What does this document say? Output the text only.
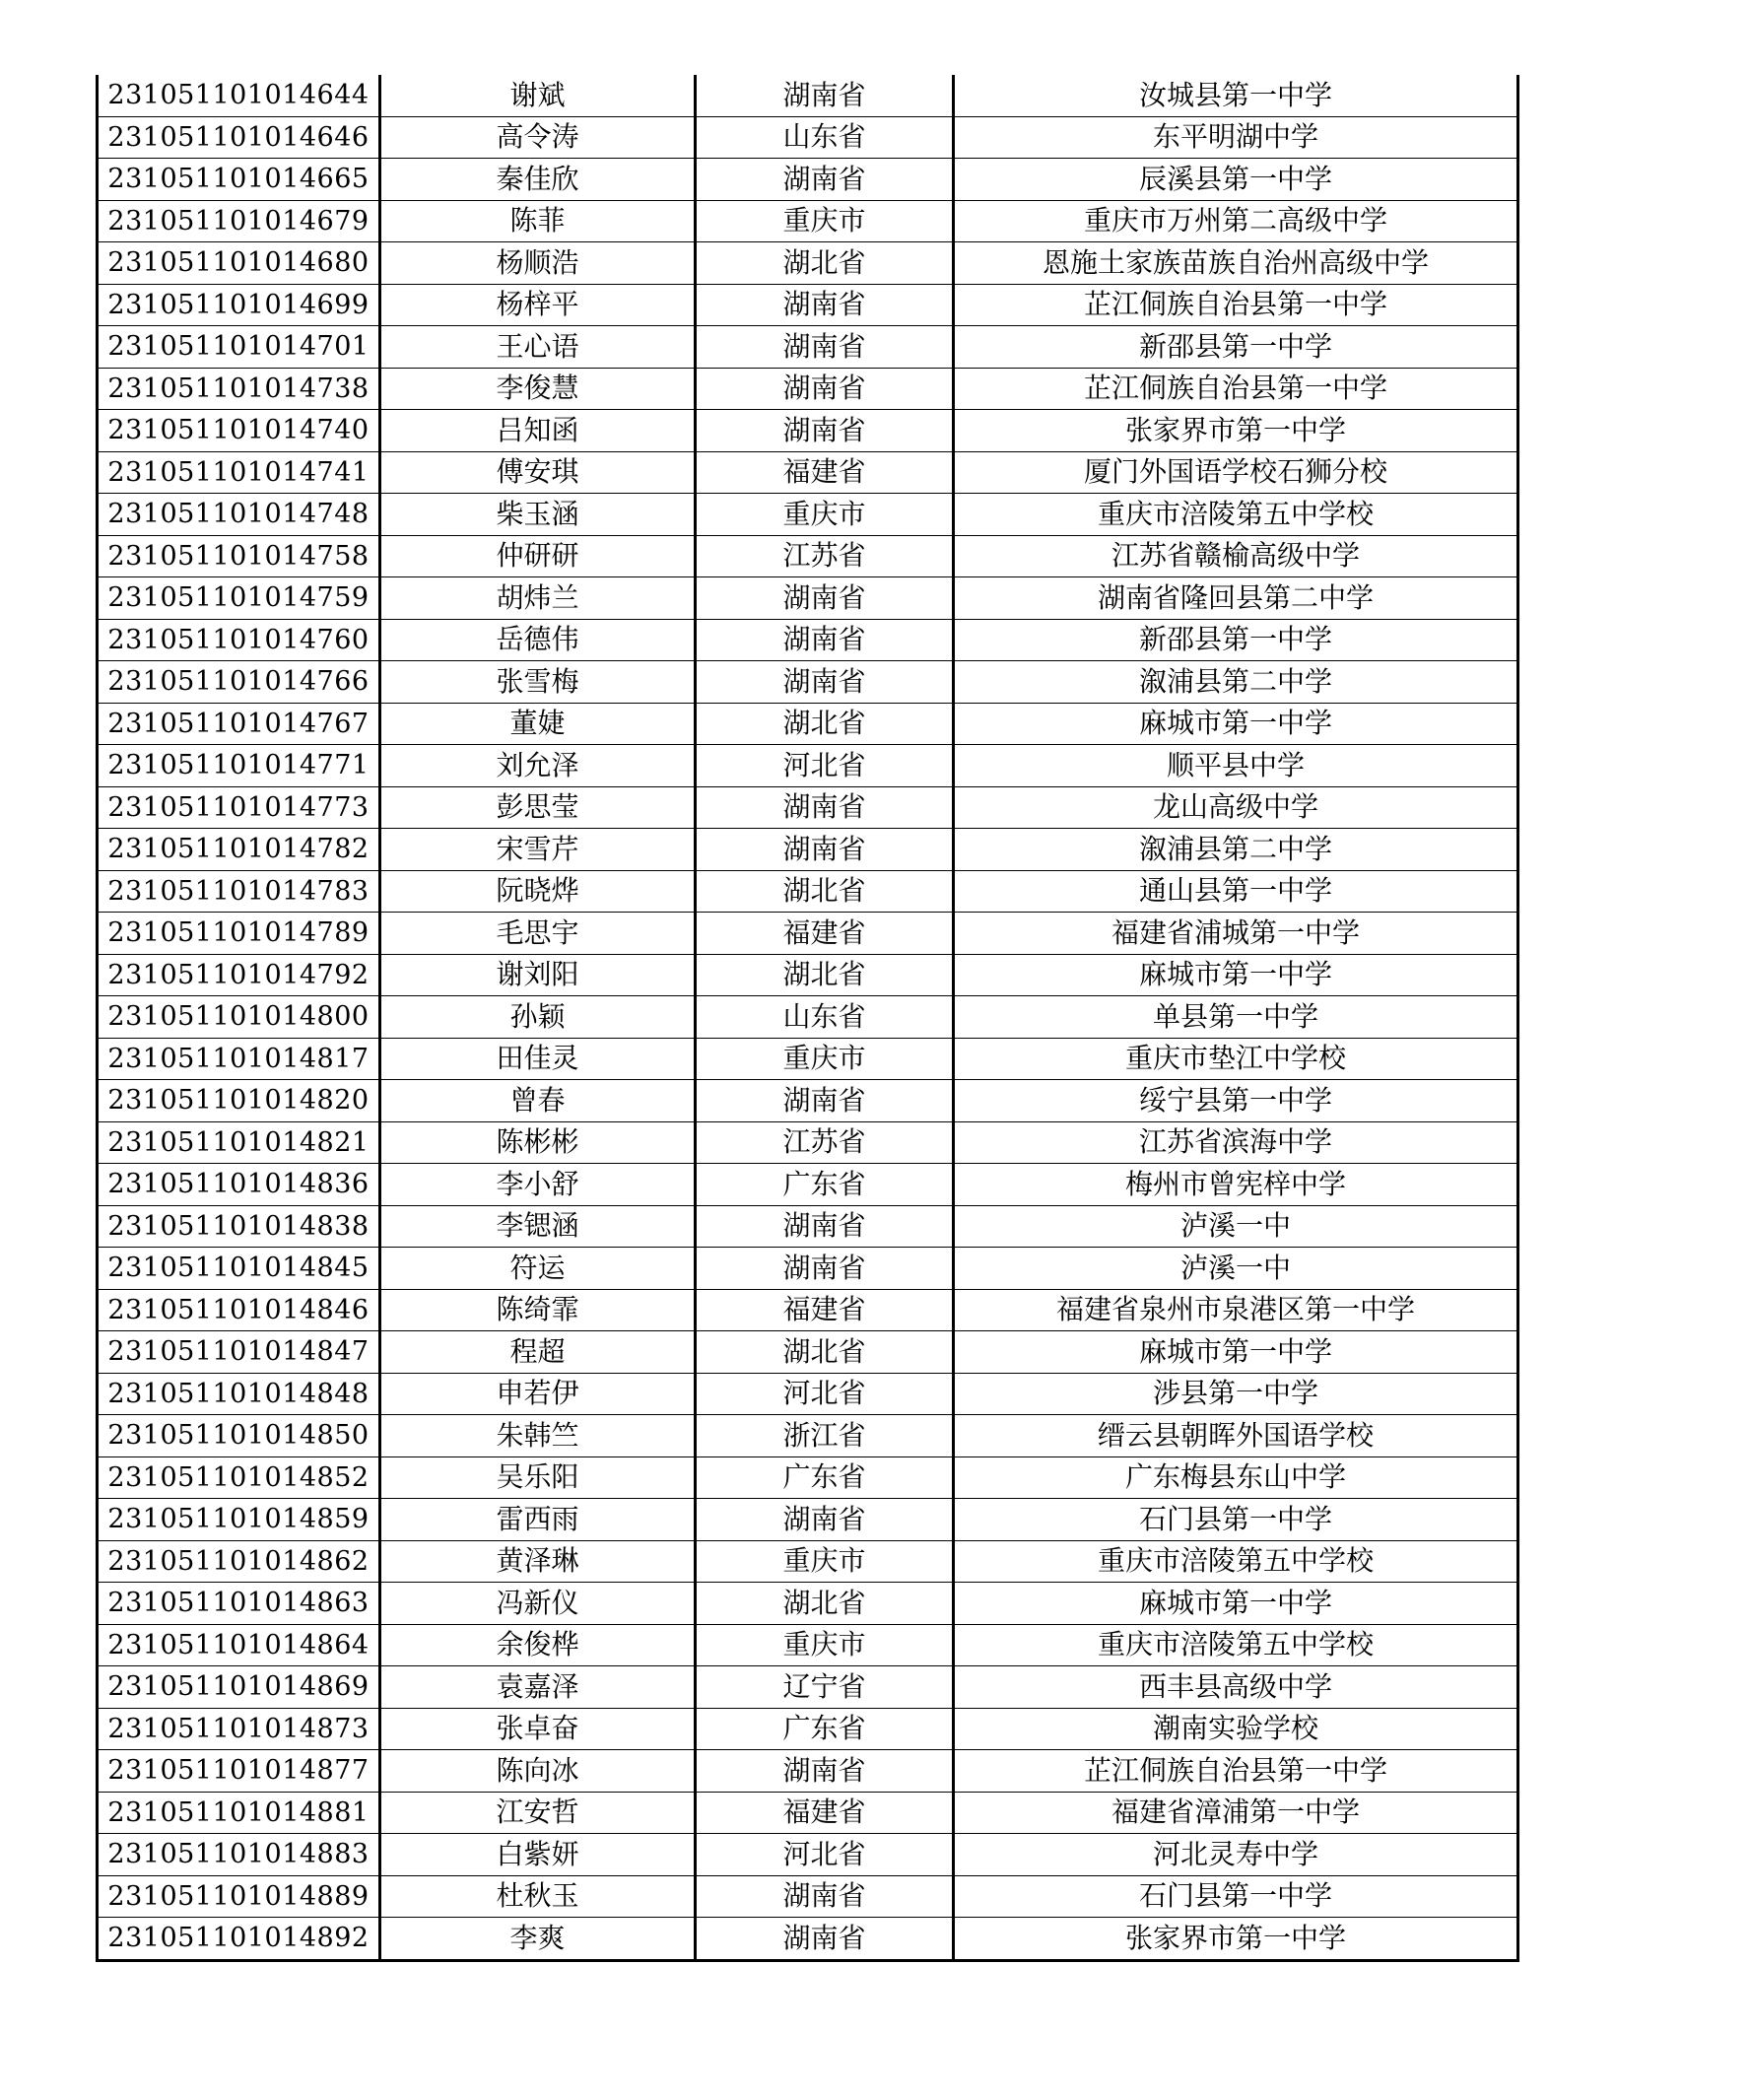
231051101014644	谢斌	湖南省	汝城县第一中学
231051101014646	高令涛	山东省	东平明湖中学
231051101014665	秦佳欣	湖南省	辰溪县第一中学
231051101014679	陈菲	重庆市	重庆市万州第二高级中学
231051101014680	杨顺浩	湖北省	恩施土家族苗族自治州高级中学
231051101014699	杨梓平	湖南省	芷江侗族自治县第一中学
231051101014701	王心语	湖南省	新邵县第一中学
231051101014738	李俊慧	湖南省	芷江侗族自治县第一中学
231051101014740	吕知函	湖南省	张家界市第一中学
231051101014741	傅安琪	福建省	厦门外国语学校石狮分校
231051101014748	柴玉涵	重庆市	重庆市涪陵第五中学校
231051101014758	仲研研	江苏省	江苏省赣榆高级中学
231051101014759	胡炜兰	湖南省	湖南省隆回县第二中学
231051101014760	岳德伟	湖南省	新邵县第一中学
231051101014766	张雪梅	湖南省	溆浦县第二中学
231051101014767	董婕	湖北省	麻城市第一中学
231051101014771	刘允泽	河北省	顺平县中学
231051101014773	彭思莹	湖南省	龙山高级中学
231051101014782	宋雪芹	湖南省	溆浦县第二中学
231051101014783	阮晓烨	湖北省	通山县第一中学
231051101014789	毛思宇	福建省	福建省浦城第一中学
231051101014792	谢刘阳	湖北省	麻城市第一中学
231051101014800	孙颖	山东省	单县第一中学
231051101014817	田佳灵	重庆市	重庆市垫江中学校
231051101014820	曾春	湖南省	绥宁县第一中学
231051101014821	陈彬彬	江苏省	江苏省滨海中学
231051101014836	李小舒	广东省	梅州市曾宪梓中学
231051101014838	李锶涵	湖南省	泸溪一中
231051101014845	符运	湖南省	泸溪一中
231051101014846	陈绮霏	福建省	福建省泉州市泉港区第一中学
231051101014847	程超	湖北省	麻城市第一中学
231051101014848	申若伊	河北省	涉县第一中学
231051101014850	朱韩竺	浙江省	缙云县朝晖外国语学校
231051101014852	吴乐阳	广东省	广东梅县东山中学
231051101014859	雷西雨	湖南省	石门县第一中学
231051101014862	黄泽琳	重庆市	重庆市涪陵第五中学校
231051101014863	冯新仪	湖北省	麻城市第一中学
231051101014864	余俊桦	重庆市	重庆市涪陵第五中学校
231051101014869	袁嘉泽	辽宁省	西丰县高级中学
231051101014873	张卓奋	广东省	潮南实验学校
231051101014877	陈向冰	湖南省	芷江侗族自治县第一中学
231051101014881	江安哲	福建省	福建省漳浦第一中学
231051101014883	白紫妍	河北省	河北灵寿中学
231051101014889	杜秋玉	湖南省	石门县第一中学
231051101014892	李爽	湖南省	张家界市第一中学
